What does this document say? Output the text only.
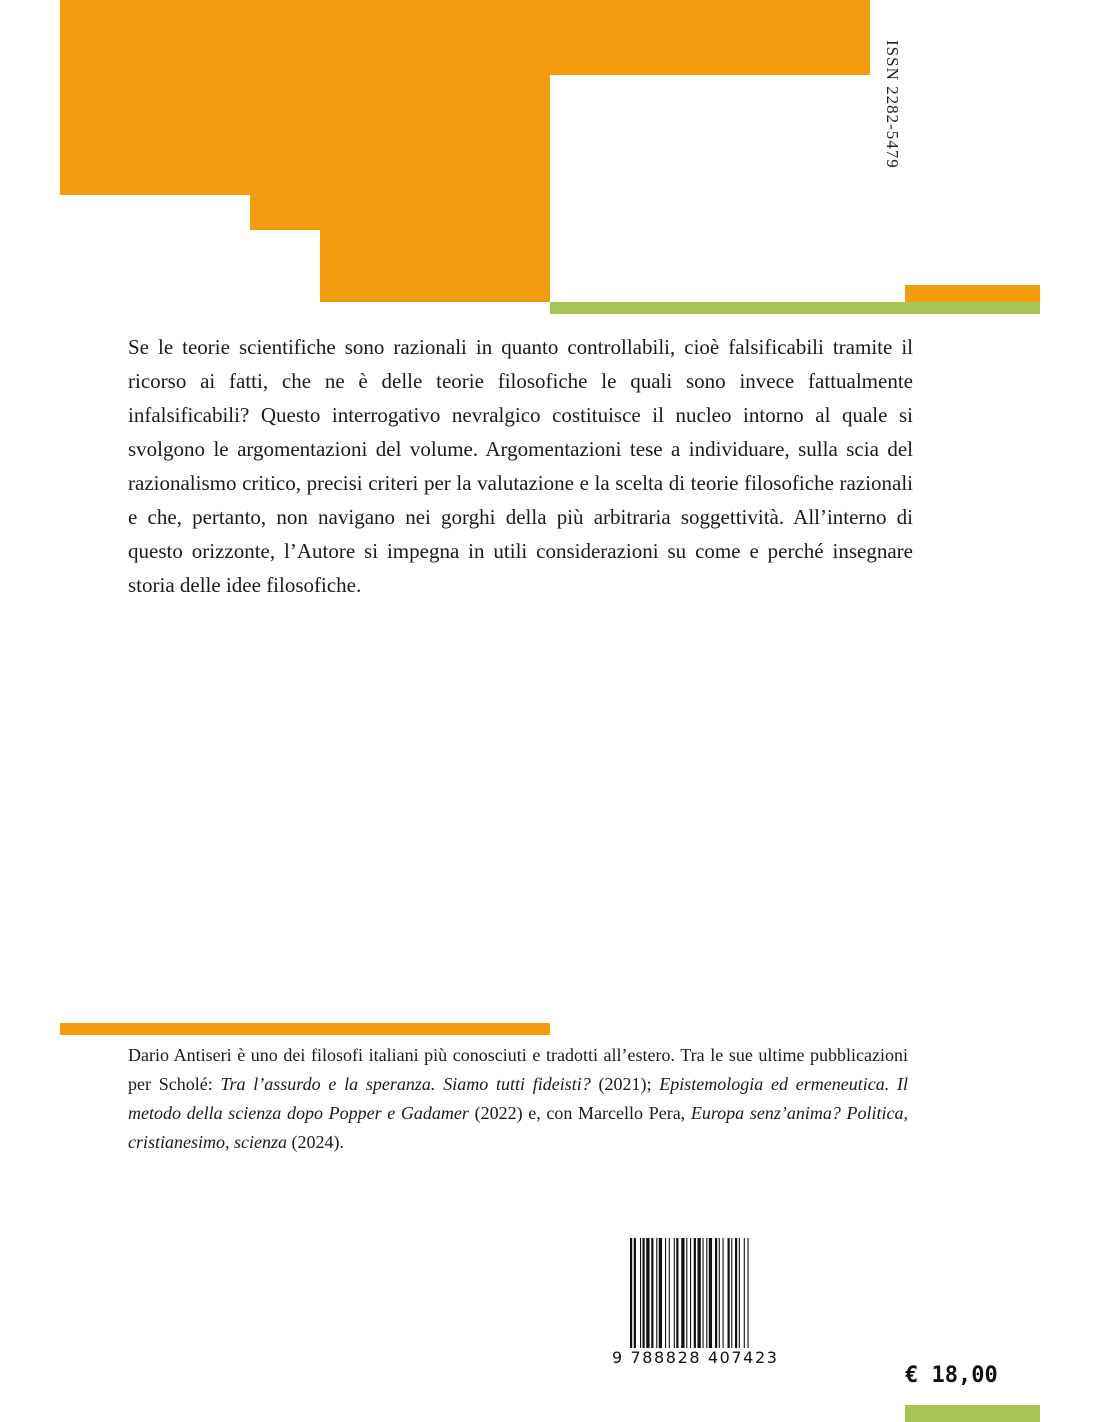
ISSN 2282-5479

Se le teorie scientifiche sono razionali in quanto controllabili, cioè falsificabili tramite il ricorso ai fatti, che ne è delle teorie filosofiche le quali sono invece fattualmente infalsificabili? Questo interrogativo nevralgico costituisce il nucleo intorno al quale si svolgono le argomentazioni del volume. Argomentazioni tese a individuare, sulla scia del razionalismo critico, precisi criteri per la valutazione e la scelta di teorie filosofiche razionali e che, pertanto, non navigano nei gorghi della più arbitraria soggettività. All’interno di questo orizzonte, l’Autore si impegna in utili considerazioni su come e perché insegnare storia delle idee filosofiche.

Dario Antiseri è uno dei filosofi italiani più conosciuti e tradotti all’estero. Tra le sue ultime pubblicazioni per Scholé: Tra l’assurdo e la speranza. Siamo tutti fideisti? (2021); Epistemologia ed ermeneutica. Il metodo della scienza dopo Popper e Gadamer (2022) e, con Marcello Pera, Europa senz’anima? Politica, cristianesimo, scienza (2024).

9 788828 407423
€ 18,00
